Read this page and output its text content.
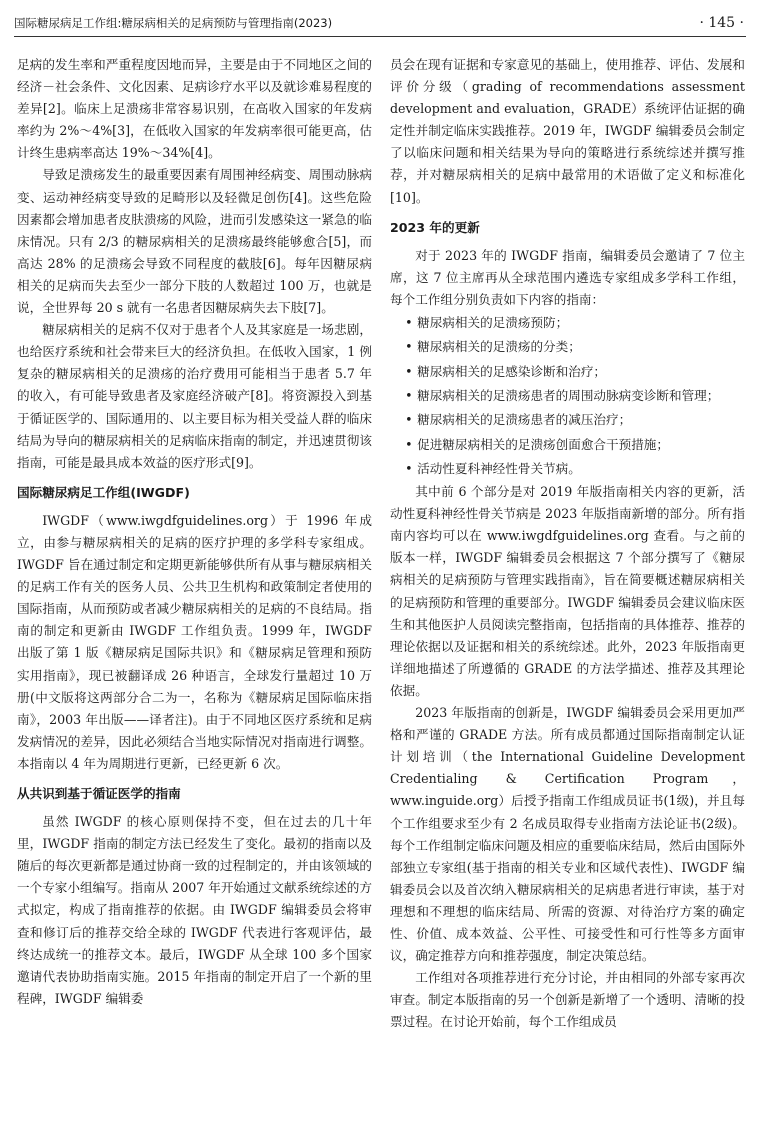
国际糖尿病足工作组:糖尿病相关的足病预防与管理指南(2023)	· 145 ·

足病的发生率和严重程度因地而异，主要是由于不同地区之间的经济－社会条件、文化因素、足病诊疗水平以及就诊难易程度的差异[2]。临床上足溃疡非常容易识别，在高收入国家的年发病率约为 2%～4%[3]，在低收入国家的年发病率很可能更高，估计终生患病率高达 19%～34%[4]。

导致足溃疡发生的最重要因素有周围神经病变、周围动脉病变、运动神经病变导致的足畸形以及轻微足创伤[4]。这些危险因素都会增加患者皮肤溃疡的风险，进而引发感染这一紧急的临床情况。只有 2/3 的糖尿病相关的足溃疡最终能够愈合[5]，而高达 28% 的足溃疡会导致不同程度的截肢[6]。每年因糖尿病相关的足病而失去至少一部分下肢的人数超过 100 万，也就是说，全世界每 20 s 就有一名患者因糖尿病失去下肢[7]。

糖尿病相关的足病不仅对于患者个人及其家庭是一场悲剧，也给医疗系统和社会带来巨大的经济负担。在低收入国家，1 例复杂的糖尿病相关的足溃疡的治疗费用可能相当于患者 5.7 年的收入，有可能导致患者及家庭经济破产[8]。将资源投入到基于循证医学的、国际通用的、以主要目标为相关受益人群的临床结局为导向的糖尿病相关的足病临床指南的制定，并迅速贯彻该指南，可能是最具成本效益的医疗形式[9]。

国际糖尿病足工作组(IWGDF)

IWGDF（www.iwgdfguidelines.org）于 1996 年成立，由参与糖尿病相关的足病的医疗护理的多学科专家组成。IWGDF 旨在通过制定和定期更新能够供所有从事与糖尿病相关的足病工作有关的医务人员、公共卫生机构和政策制定者使用的国际指南，从而预防或者减少糖尿病相关的足病的不良结局。指南的制定和更新由 IWGDF 工作组负责。1999 年，IWGDF 出版了第 1 版《糖尿病足国际共识》和《糖尿病足管理和预防实用指南》，现已被翻译成 26 种语言，全球发行量超过 10 万册(中文版将这两部分合二为一，名称为《糖尿病足国际临床指南》，2003 年出版——译者注)。由于不同地区医疗系统和足病发病情况的差异，因此必须结合当地实际情况对指南进行调整。本指南以 4 年为周期进行更新，已经更新 6 次。

从共识到基于循证医学的指南

虽然 IWGDF 的核心原则保持不变，但在过去的几十年里，IWGDF 指南的制定方法已经发生了变化。最初的指南以及随后的每次更新都是通过协商一致的过程制定的，并由该领域的一个专家小组编写。指南从 2007 年开始通过文献系统综述的方式拟定，构成了指南推荐的依据。由 IWGDF 编辑委员会将审查和修订后的推荐交给全球的 IWGDF 代表进行客观评估，最终达成统一的推荐文本。最后，IWGDF 从全球 100 多个国家邀请代表协助指南实施。2015 年指南的制定开启了一个新的里程碑，IWGDF 编辑委

员会在现有证据和专家意见的基础上，使用推荐、评估、发展和评价分级（grading of recommendations assessment development and evaluation，GRADE）系统评估证据的确定性并制定临床实践推荐。2019 年，IWGDF 编辑委员会制定了以临床问题和相关结果为导向的策略进行系统综述并撰写推荐，并对糖尿病相关的足病中最常用的术语做了定义和标准化[10]。

2023 年的更新

对于 2023 年的 IWGDF 指南，编辑委员会邀请了 7 位主席，这 7 位主席再从全球范围内遴选专家组成多学科工作组，每个工作组分别负责如下内容的指南：

• 糖尿病相关的足溃疡预防；
• 糖尿病相关的足溃疡的分类；
• 糖尿病相关的足感染诊断和治疗；
• 糖尿病相关的足溃疡患者的周围动脉病变诊断和管理；
• 糖尿病相关的足溃疡患者的减压治疗；
• 促进糖尿病相关的足溃疡创面愈合干预措施；
• 活动性夏科神经性骨关节病。

其中前 6 个部分是对 2019 年版指南相关内容的更新，活动性夏科神经性骨关节病是 2023 年版指南新增的部分。所有指南内容均可以在 www.iwgdfguidelines.org 查看。与之前的版本一样，IWGDF 编辑委员会根据这 7 个部分撰写了《糖尿病相关的足病预防与管理实践指南》，旨在简要概述糖尿病相关的足病预防和管理的重要部分。IWGDF 编辑委员会建议临床医生和其他医护人员阅读完整指南，包括指南的具体推荐、推荐的理论依据以及证据和相关的系统综述。此外，2023 年版指南更详细地描述了所遵循的 GRADE 的方法学描述、推荐及其理论依据。

2023 年版指南的创新是，IWGDF 编辑委员会采用更加严格和严谨的 GRADE 方法。所有成员都通过国际指南制定认证计划培训（the International Guideline Development Credentialing & Certification Program，www.inguide.org）后授予指南工作组成员证书(1级)，并且每个工作组要求至少有 2 名成员取得专业指南方法论证书(2级)。每个工作组制定临床问题及相应的重要临床结局，然后由国际外部独立专家组(基于指南的相关专业和区域代表性)、IWGDF 编辑委员会以及首次纳入糖尿病相关的足病患者进行审读，基于对理想和不理想的临床结局、所需的资源、对待治疗方案的确定性、价值、成本效益、公平性、可接受性和可行性等多方面审议，确定推荐方向和推荐强度，制定决策总结。

工作组对各项推荐进行充分讨论，并由相同的外部专家再次审查。制定本版指南的另一个创新是新增了一个透明、清晰的投票过程。在讨论开始前，每个工作组成员
